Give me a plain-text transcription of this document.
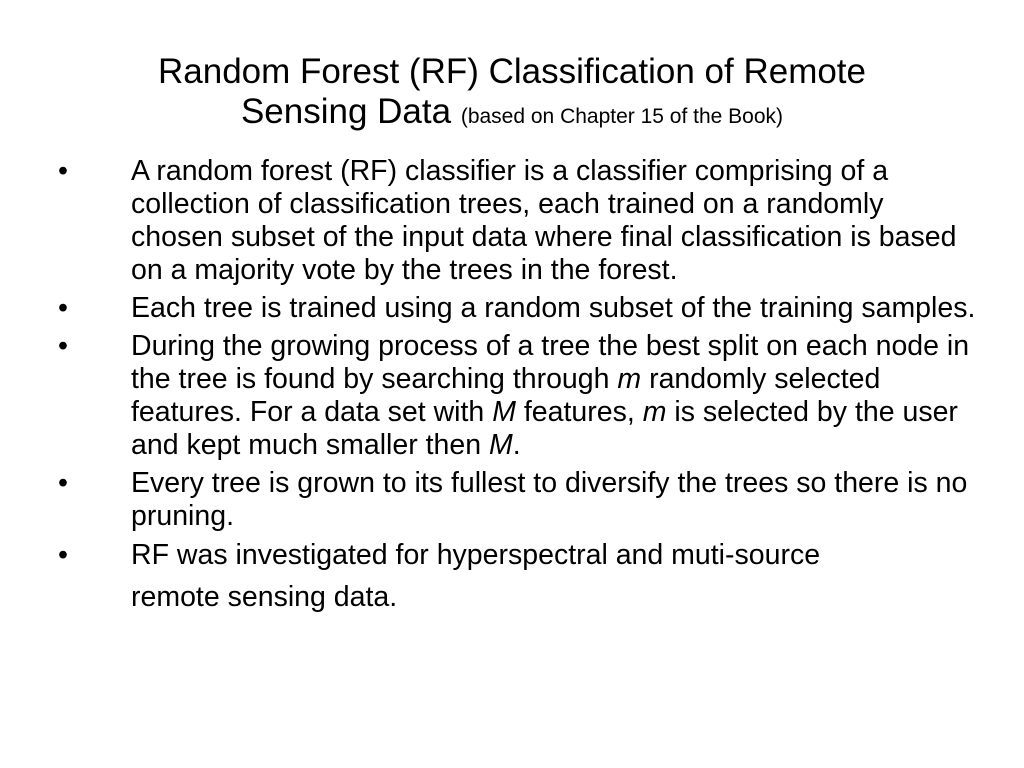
Random Forest (RF) Classification of Remote
Sensing Data (based on Chapter 15 of the Book)
• A random forest (RF) classifier is a classifier comprising of a collection of classification trees, each trained on a randomly chosen subset of the input data where final classification is based on a majority vote by the trees in the forest.
• Each tree is trained using a random subset of the training samples.
• During the growing process of a tree the best split on each node in the tree is found by searching through m randomly selected features. For a data set with M features, m is selected by the user and kept much smaller then M.
• Every tree is grown to its fullest to diversify the trees so there is no pruning.
• RF was investigated for hyperspectral and muti-source
remote sensing data.
